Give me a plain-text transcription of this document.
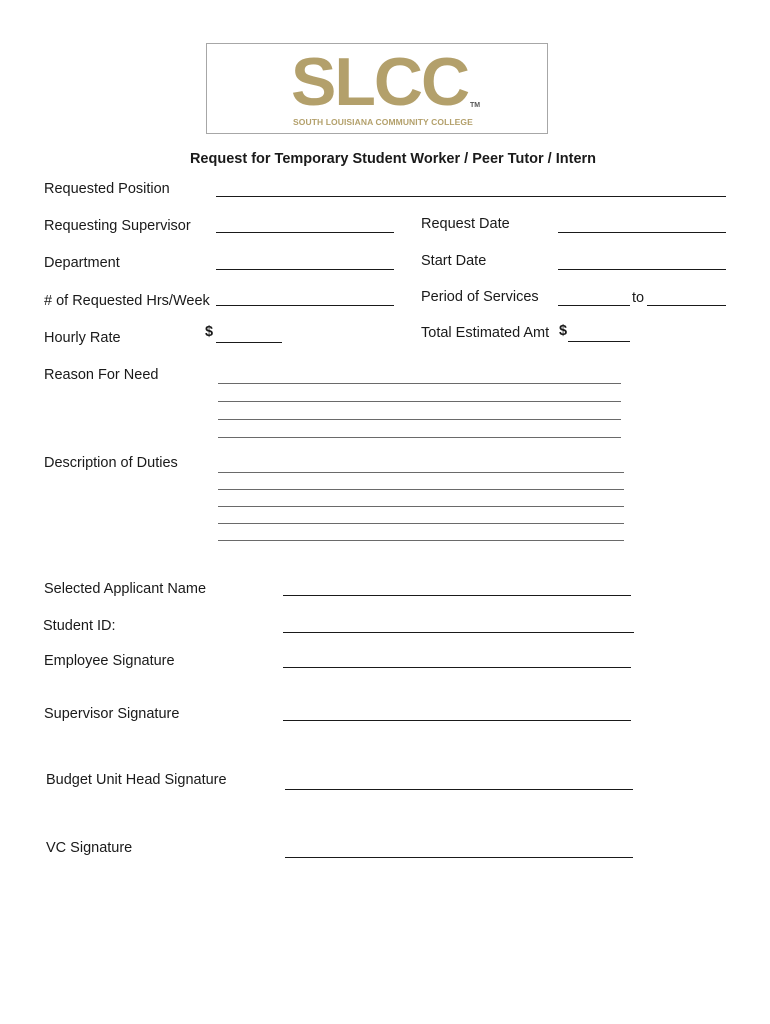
SLCC TM
SOUTH LOUISIANA COMMUNITY COLLEGE
Request for Temporary Student Worker / Peer Tutor / Intern
Requested Position
Requesting Supervisor	Request Date
Department	Start Date
# of Requested Hrs/Week	Period of Services	to
Hourly Rate	$	Total Estimated Amt $
Reason For Need
Description of Duties
Selected Applicant Name
Student ID:
Employee Signature
Supervisor Signature
Budget Unit Head Signature
VC Signature
